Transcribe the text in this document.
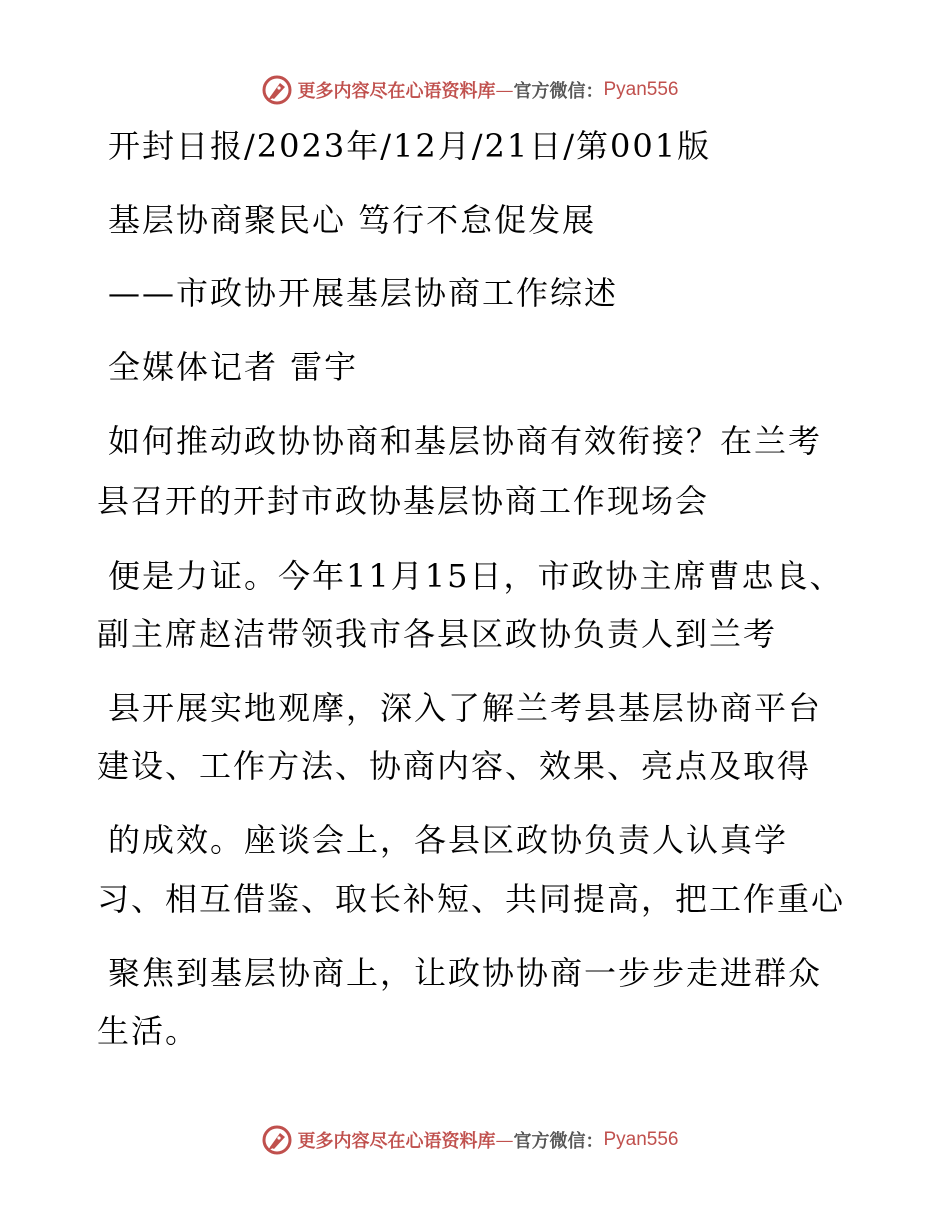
更多内容尽在心语资料库 — 官方微信： Pyan556
开封日报/2023年/12月/21日/第001版
基层协商聚民心 笃行不怠促发展
——市政协开展基层协商工作综述
全媒体记者 雷宇
如何推动政协协商和基层协商有效衔接？在兰考
县召开的开封市政协基层协商工作现场会
便是力证。今年11月15日，市政协主席曹忠良、
副主席赵洁带领我市各县区政协负责人到兰考
县开展实地观摩，深入了解兰考县基层协商平台
建设、工作方法、协商内容、效果、亮点及取得
的成效。座谈会上，各县区政协负责人认真学
习、相互借鉴、取长补短、共同提高，把工作重心
聚焦到基层协商上，让政协协商一步步走进群众
生活。
更多内容尽在心语资料库 — 官方微信： Pyan556
